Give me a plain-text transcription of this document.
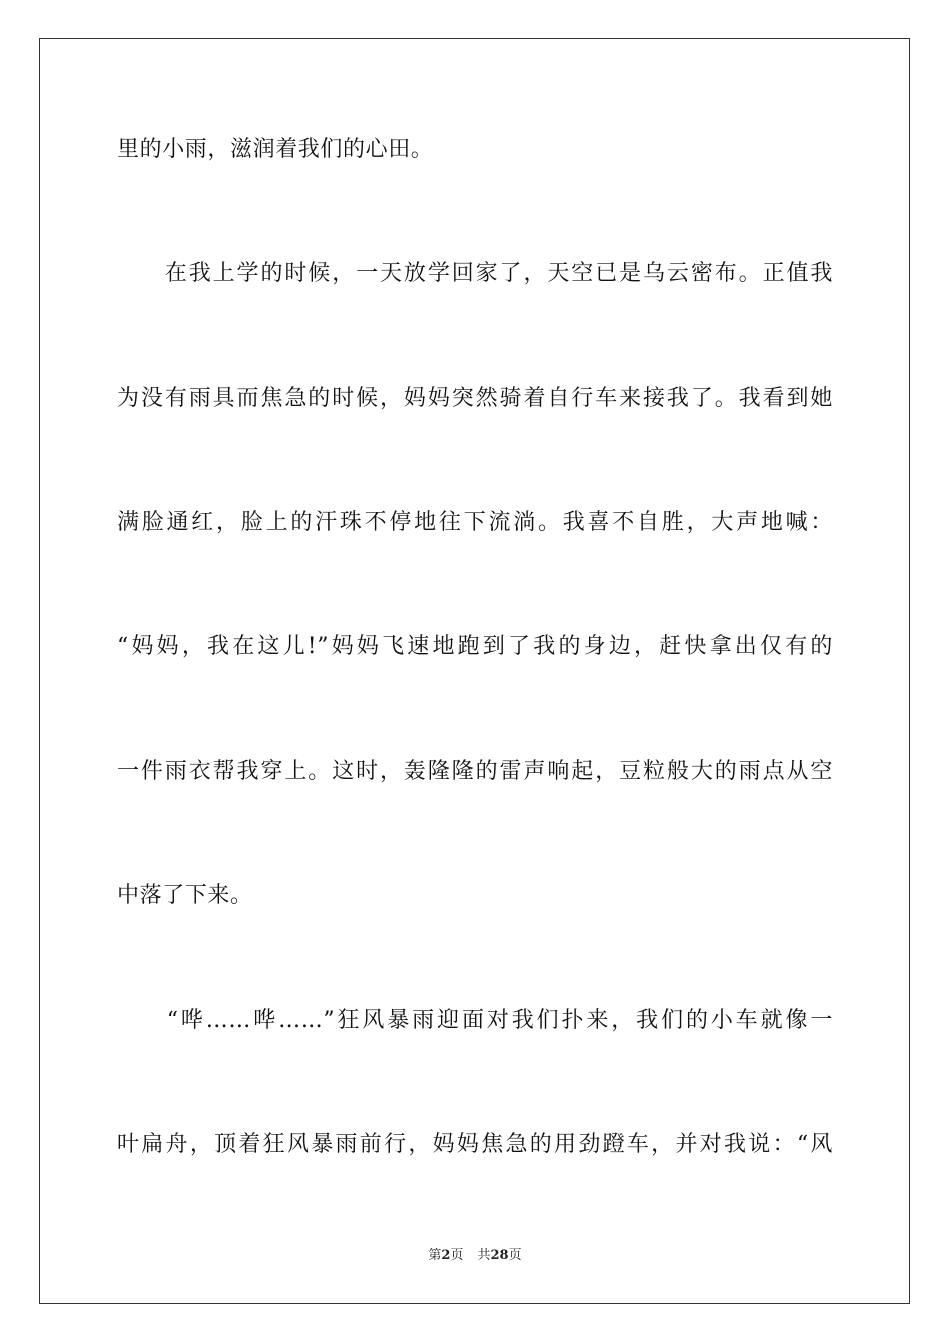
里的小雨，滋润着我们的心田。
　　在我上学的时候，一天放学回家了，天空已是乌云密布。正值我
为没有雨具而焦急的时候，妈妈突然骑着自行车来接我了。我看到她
满脸通红，脸上的汗珠不停地往下流淌。我喜不自胜，大声地喊：
“妈妈，我在这儿!”妈妈飞速地跑到了我的身边，赶快拿出仅有的
一件雨衣帮我穿上。这时，轰隆隆的雷声响起，豆粒般大的雨点从空
中落了下来。
　　“哗……哗……”狂风暴雨迎面对我们扑来，我们的小车就像一
叶扁舟，顶着狂风暴雨前行，妈妈焦急的用劲蹬车，并对我说：“风
第2页 共28页
